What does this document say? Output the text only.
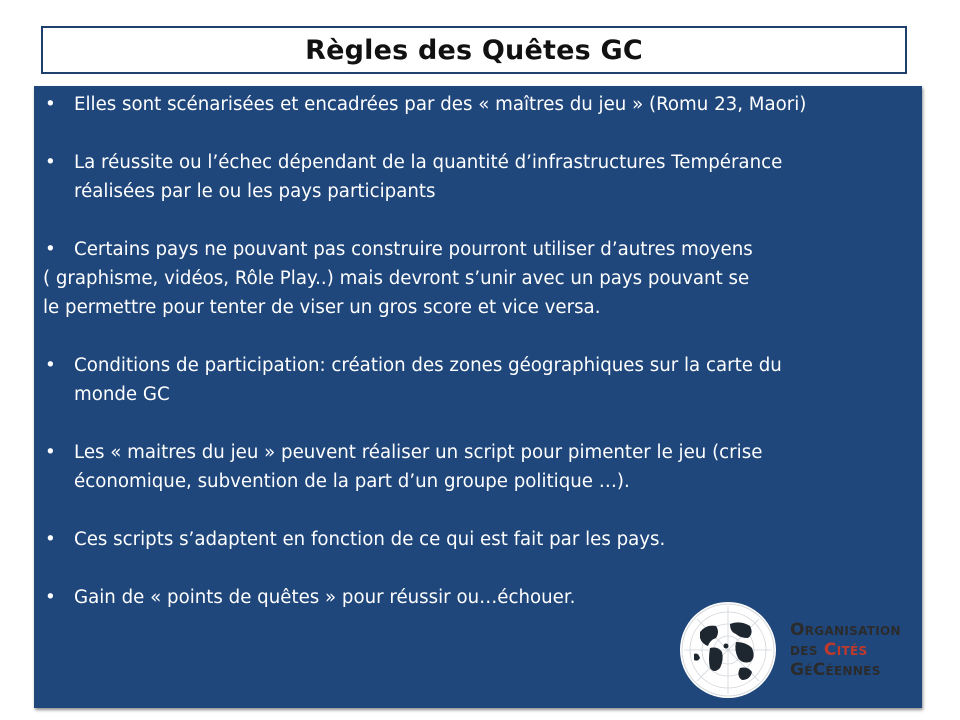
Règles des Quêtes GC
• Elles sont scénarisées et encadrées par des « maîtres du jeu » (Romu 23, Maori)
• La réussite ou l’échec dépendant de la quantité d’infrastructures Tempérance
réalisées par le ou les pays participants
• Certains pays ne pouvant pas construire pourront utiliser d’autres moyens
( graphisme, vidéos, Rôle Play..) mais devront s’unir avec un pays pouvant se
le permettre pour tenter de viser un gros score et vice versa.
• Conditions de participation: création des zones géographiques sur la carte du
monde GC
• Les « maitres du jeu » peuvent réaliser un script pour pimenter le jeu (crise
économique, subvention de la part d’un groupe politique …).
• Ces scripts s’adaptent en fonction de ce qui est fait par les pays.
• Gain de « points de quêtes » pour réussir ou…échouer.
Organisation
des Cités
GéCéennes
